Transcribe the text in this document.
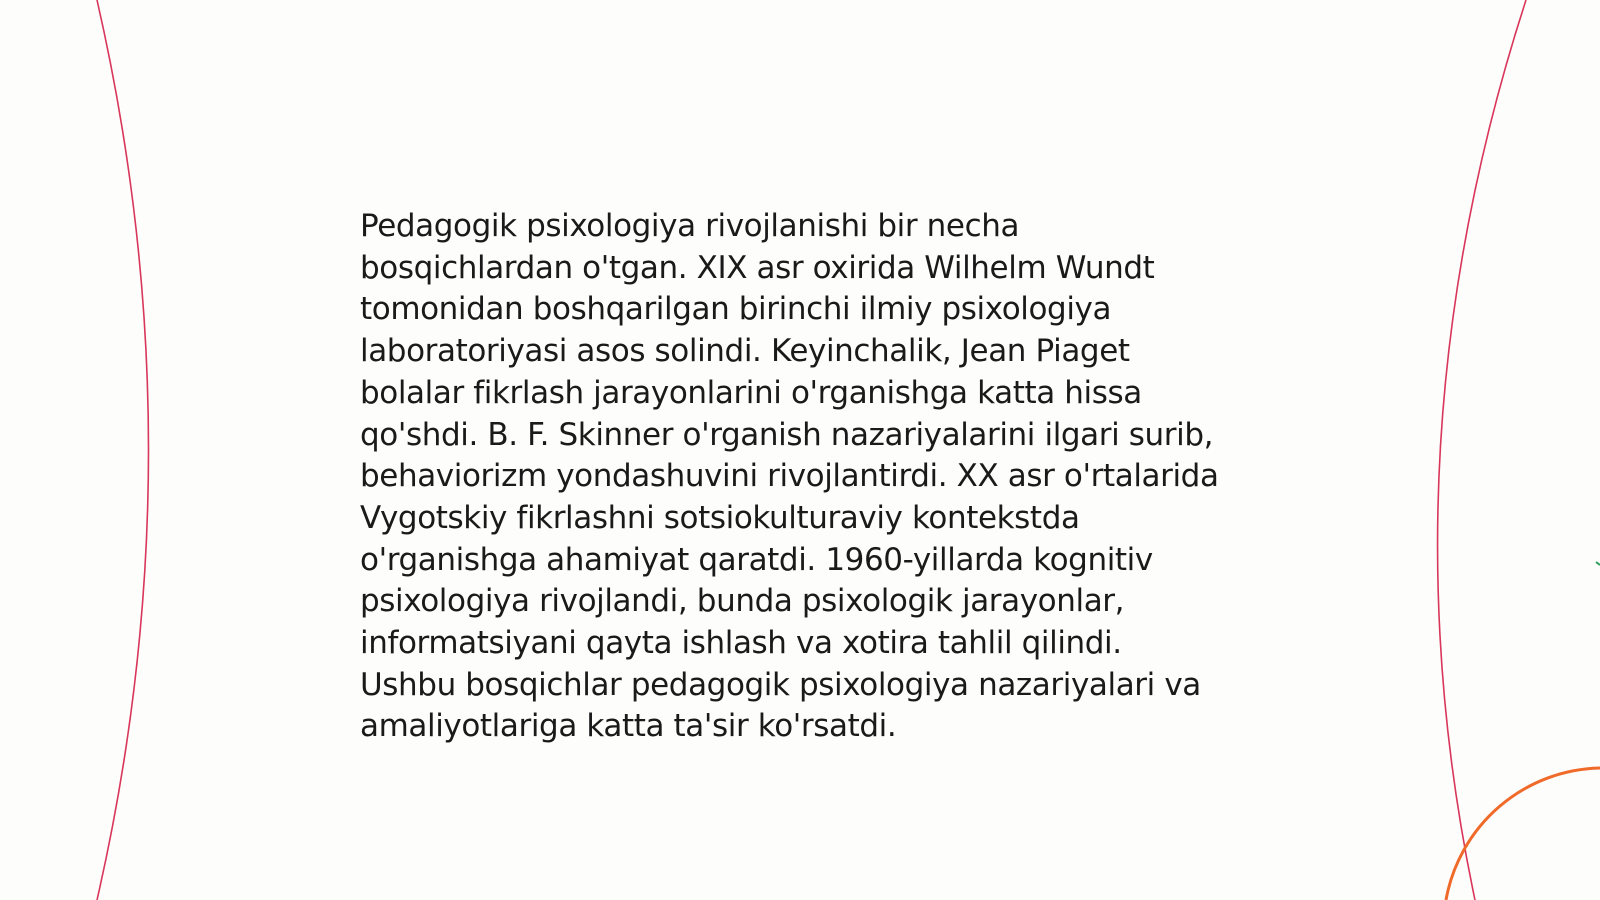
Pedagogik psixologiya rivojlanishi bir necha bosqichlardan o'tgan. XIX asr oxirida Wilhelm Wundt tomonidan boshqarilgan birinchi ilmiy psixologiya laboratoriyasi asos solindi. Keyinchalik, Jean Piaget bolalar fikrlash jarayonlarini o'rganishga katta hissa qo'shdi. B. F. Skinner o'rganish nazariyalarini ilgari surib, behaviorizm yondashuvini rivojlantirdi. XX asr o'rtalarida Vygotskiy fikrlashni sotsiokulturaviy kontekstda o'rganishga ahamiyat qaratdi. 1960-yillarda kognitiv psixologiya rivojlandi, bunda psixologik jarayonlar, informatsiyani qayta ishlash va xotira tahlil qilindi. Ushbu bosqichlar pedagogik psixologiya nazariyalari va amaliyotlariga katta ta'sir ko'rsatdi.
